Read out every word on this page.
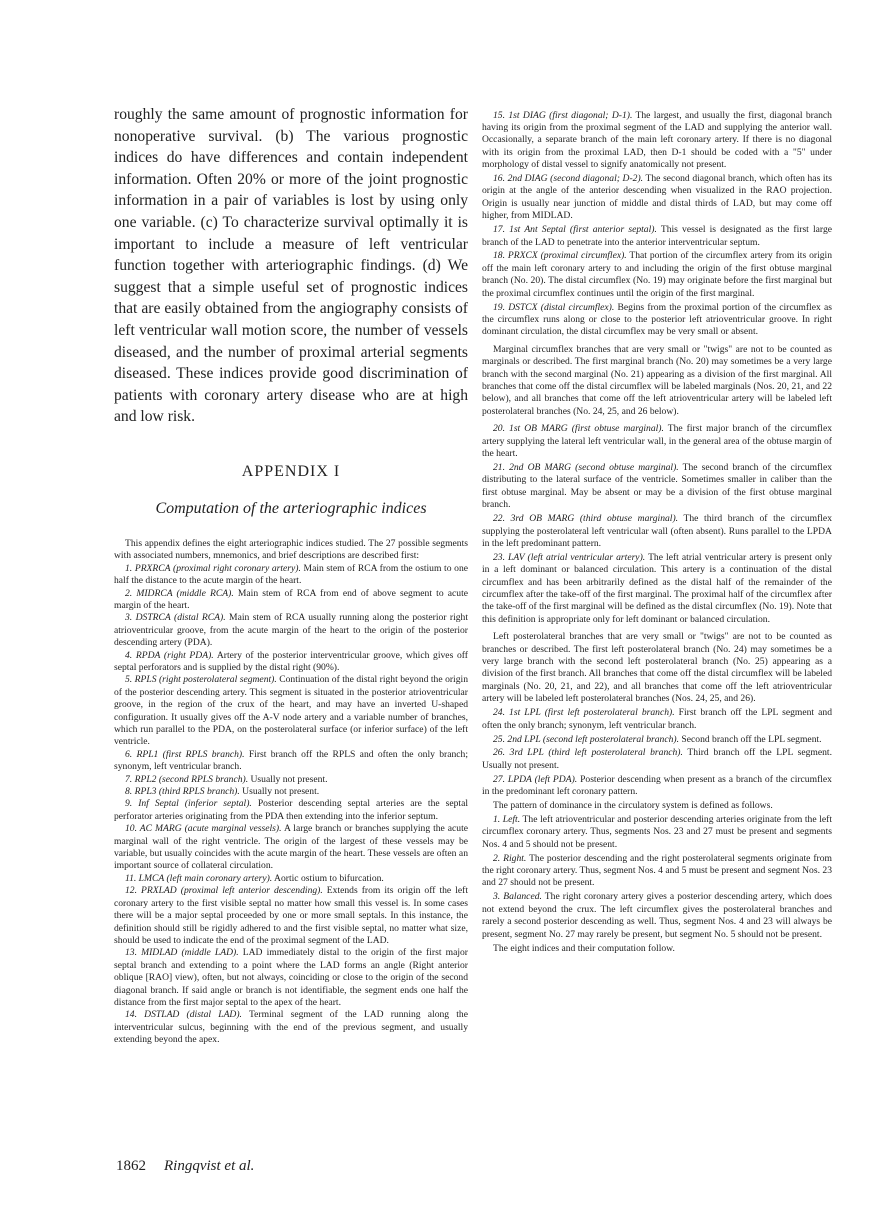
roughly the same amount of prognostic information for nonoperative survival. (b) The various prognostic indices do have differences and contain independent information. Often 20% or more of the joint prognostic information in a pair of variables is lost by using only one variable. (c) To characterize survival optimally it is important to include a measure of left ventricular function together with arteriographic findings. (d) We suggest that a simple useful set of prognostic indices that are easily obtained from the angiography consists of left ventricular wall motion score, the number of vessels diseased, and the number of proximal arterial segments diseased. These indices provide good discrimination of patients with coronary artery disease who are at high and low risk.

APPENDIX I
Computation of the arteriographic indices

This appendix defines the eight arteriographic indices studied. The 27 possible segments with associated numbers, mnemonics, and brief descriptions are described first:

1. PRXRCA (proximal right coronary artery). Main stem of RCA from the ostium to one half the distance to the acute margin of the heart.

2. MIDRCA (middle RCA). Main stem of RCA from end of above segment to acute margin of the heart.

3. DSTRCA (distal RCA). Main stem of RCA usually running along the posterior right atrioventricular groove, from the acute margin of the heart to the origin of the posterior descending artery (PDA).

4. RPDA (right PDA). Artery of the posterior interventricular groove, which gives off septal perforators and is supplied by the distal right (90%).

5. RPLS (right posterolateral segment). Continuation of the distal right beyond the origin of the posterior descending artery. This segment is situated in the posterior atrioventricular groove, in the region of the crux of the heart, and may have an inverted U-shaped configuration. It usually gives off the A-V node artery and a variable number of branches, which run parallel to the PDA, on the posterolateral surface (or inferior surface) of the left ventricle.

6. RPL1 (first RPLS branch). First branch off the RPLS and often the only branch; synonym, left ventricular branch.

7. RPL2 (second RPLS branch). Usually not present.

8. RPL3 (third RPLS branch). Usually not present.

9. Inf Septal (inferior septal). Posterior descending septal arteries are the septal perforator arteries originating from the PDA then extending into the inferior septum.

10. AC MARG (acute marginal vessels). A large branch or branches supplying the acute marginal wall of the right ventricle. The origin of the largest of these vessels may be variable, but usually coincides with the acute margin of the heart. These vessels are often an important source of collateral circulation.

11. LMCA (left main coronary artery). Aortic ostium to bifurcation.

12. PRXLAD (proximal left anterior descending). Extends from its origin off the left coronary artery to the first visible septal no matter how small this vessel is. In some cases there will be a major septal proceeded by one or more small septals. In this instance, the definition should still be rigidly adhered to and the first visible septal, no matter what size, should be used to indicate the end of the proximal segment of the LAD.

13. MIDLAD (middle LAD). LAD immediately distal to the origin of the first major septal branch and extending to a point where the LAD forms an angle (Right anterior oblique [RAO] view), often, but not always, coinciding or close to the origin of the second diagonal branch. If said angle or branch is not identifiable, the segment ends one half the distance from the first major septal to the apex of the heart.

14. DSTLAD (distal LAD). Terminal segment of the LAD running along the interventricular sulcus, beginning with the end of the previous segment, and usually extending beyond the apex.

15. 1st DIAG (first diagonal; D-1). The largest, and usually the first, diagonal branch having its origin from the proximal segment of the LAD and supplying the anterior wall. Occasionally, a separate branch of the main left coronary artery. If there is no diagonal with its origin from the proximal LAD, then D-1 should be coded with a "5" under morphology of distal vessel to signify anatomically not present.

16. 2nd DIAG (second diagonal; D-2). The second diagonal branch, which often has its origin at the angle of the anterior descending when visualized in the RAO projection. Origin is usually near junction of middle and distal thirds of LAD, but may come off higher, from MIDLAD.

17. 1st Ant Septal (first anterior septal). This vessel is designated as the first large branch of the LAD to penetrate into the anterior interventricular septum.

18. PRXCX (proximal circumflex). That portion of the circumflex artery from its origin off the main left coronary artery to and including the origin of the first obtuse marginal branch (No. 20). The distal circumflex (No. 19) may originate before the first marginal but the proximal circumflex continues until the origin of the first marginal.

19. DSTCX (distal circumflex). Begins from the proximal portion of the circumflex as the circumflex runs along or close to the posterior left atrioventricular groove. In right dominant circulation, the distal circumflex may be very small or absent.

Marginal circumflex branches that are very small or "twigs" are not to be counted as marginals or described. The first marginal branch (No. 20) may sometimes be a very large branch with the second marginal (No. 21) appearing as a division of the first marginal. All branches that come off the distal circumflex will be labeled marginals (Nos. 20, 21, and 22 below), and all branches that come off the left atrioventricular artery will be labeled left posterolateral branches (No. 24, 25, and 26 below).

20. 1st OB MARG (first obtuse marginal). The first major branch of the circumflex artery supplying the lateral left ventricular wall, in the general area of the obtuse margin of the heart.

21. 2nd OB MARG (second obtuse marginal). The second branch of the circumflex distributing to the lateral surface of the ventricle. Sometimes smaller in caliber than the first obtuse marginal. May be absent or may be a division of the first obtuse marginal branch.

22. 3rd OB MARG (third obtuse marginal). The third branch of the circumflex supplying the posterolateral left ventricular wall (often absent). Runs parallel to the LPDA in the left predominant pattern.

23. LAV (left atrial ventricular artery). The left atrial ventricular artery is present only in a left dominant or balanced circulation. This artery is a continuation of the distal circumflex and has been arbitrarily defined as the distal half of the remainder of the circumflex after the take-off of the first marginal. The proximal half of the circumflex after the take-off of the first marginal will be defined as the distal circumflex (No. 19). Note that this definition is appropriate only for left dominant or balanced circulation.

Left posterolateral branches that are very small or "twigs" are not to be counted as branches or described. The first left posterolateral branch (No. 24) may sometimes be a very large branch with the second left posterolateral branch (No. 25) appearing as a division of the first branch. All branches that come off the distal circumflex will be labeled marginals (No. 20, 21, and 22), and all branches that come off the left atrioventricular artery will be labeled left posterolateral branches (Nos. 24, 25, and 26).

24. 1st LPL (first left posterolateral branch). First branch off the LPL segment and often the only branch; synonym, left ventricular branch.

25. 2nd LPL (second left posterolateral branch). Second branch off the LPL segment.

26. 3rd LPL (third left posterolateral branch). Third branch off the LPL segment. Usually not present.

27. LPDA (left PDA). Posterior descending when present as a branch of the circumflex in the predominant left coronary pattern.

The pattern of dominance in the circulatory system is defined as follows.

1. Left. The left atrioventricular and posterior descending arteries originate from the left circumflex coronary artery. Thus, segments Nos. 23 and 27 must be present and segments Nos. 4 and 5 should not be present.

2. Right. The posterior descending and the right posterolateral segments originate from the right coronary artery. Thus, segment Nos. 4 and 5 must be present and segment Nos. 23 and 27 should not be present.

3. Balanced. The right coronary artery gives a posterior descending artery, which does not extend beyond the crux. The left circumflex gives the posterolateral branches and rarely a second posterior descending as well. Thus, segment Nos. 4 and 23 will always be present, segment No. 27 may rarely be present, but segment No. 5 should not be present.

The eight indices and their computation follow.

1862 Ringqvist et al.
